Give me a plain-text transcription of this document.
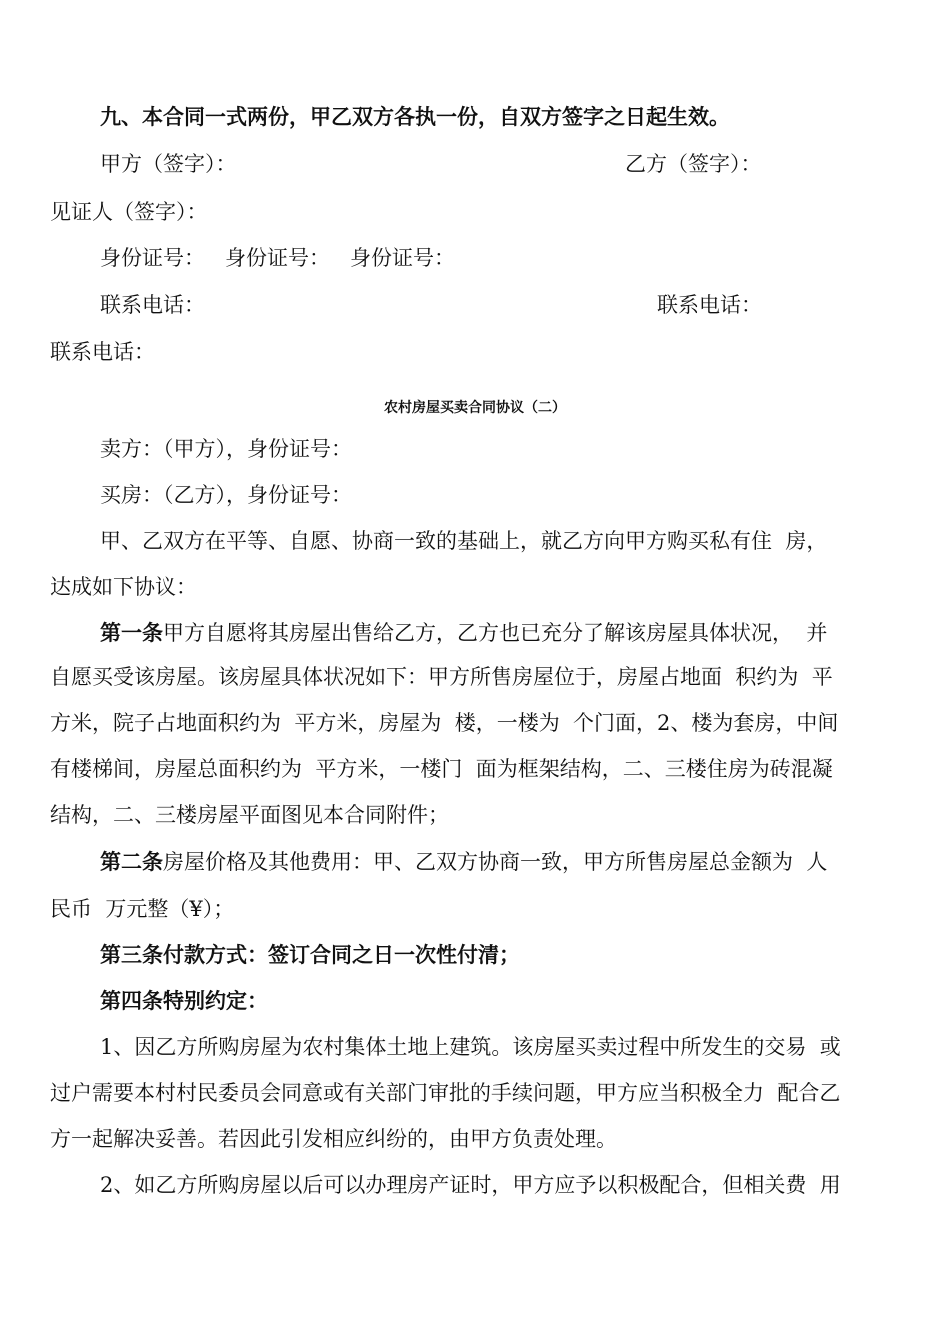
九、本合同一式两份，甲乙双方各执一份，自双方签字之日起生效。
甲方（签字）：	乙方（签字）：
见证人（签字）：
身份证号：   身份证号：   身份证号：
联系电话：	联系电话：
联系电话：
农村房屋买卖合同协议（二）
卖方：（甲方），身份证号：
买房：（乙方），身份证号：
甲、乙双方在平等、自愿、协商一致的基础上，就乙方向甲方购买私有住  房，
达成如下协议：
第一条甲方自愿将其房屋出售给乙方，乙方也已充分了解该房屋具体状况，  并
自愿买受该房屋。该房屋具体状况如下：甲方所售房屋位于，房屋占地面  积约为  平
方米，院子占地面积约为  平方米，房屋为  楼，一楼为  个门面，2、楼为套房，中间
有楼梯间，房屋总面积约为  平方米，一楼门  面为框架结构，二、三楼住房为砖混凝
结构，二、三楼房屋平面图见本合同附件；
第二条房屋价格及其他费用：甲、乙双方协商一致，甲方所售房屋总金额为  人
民币  万元整（¥）；
第三条付款方式：签订合同之日一次性付清；
第四条特别约定：
1、因乙方所购房屋为农村集体土地上建筑。该房屋买卖过程中所发生的交易  或
过户需要本村村民委员会同意或有关部门审批的手续问题，甲方应当积极全力  配合乙
方一起解决妥善。若因此引发相应纠纷的，由甲方负责处理。
2、如乙方所购房屋以后可以办理房产证时，甲方应予以积极配合，但相关费  用
